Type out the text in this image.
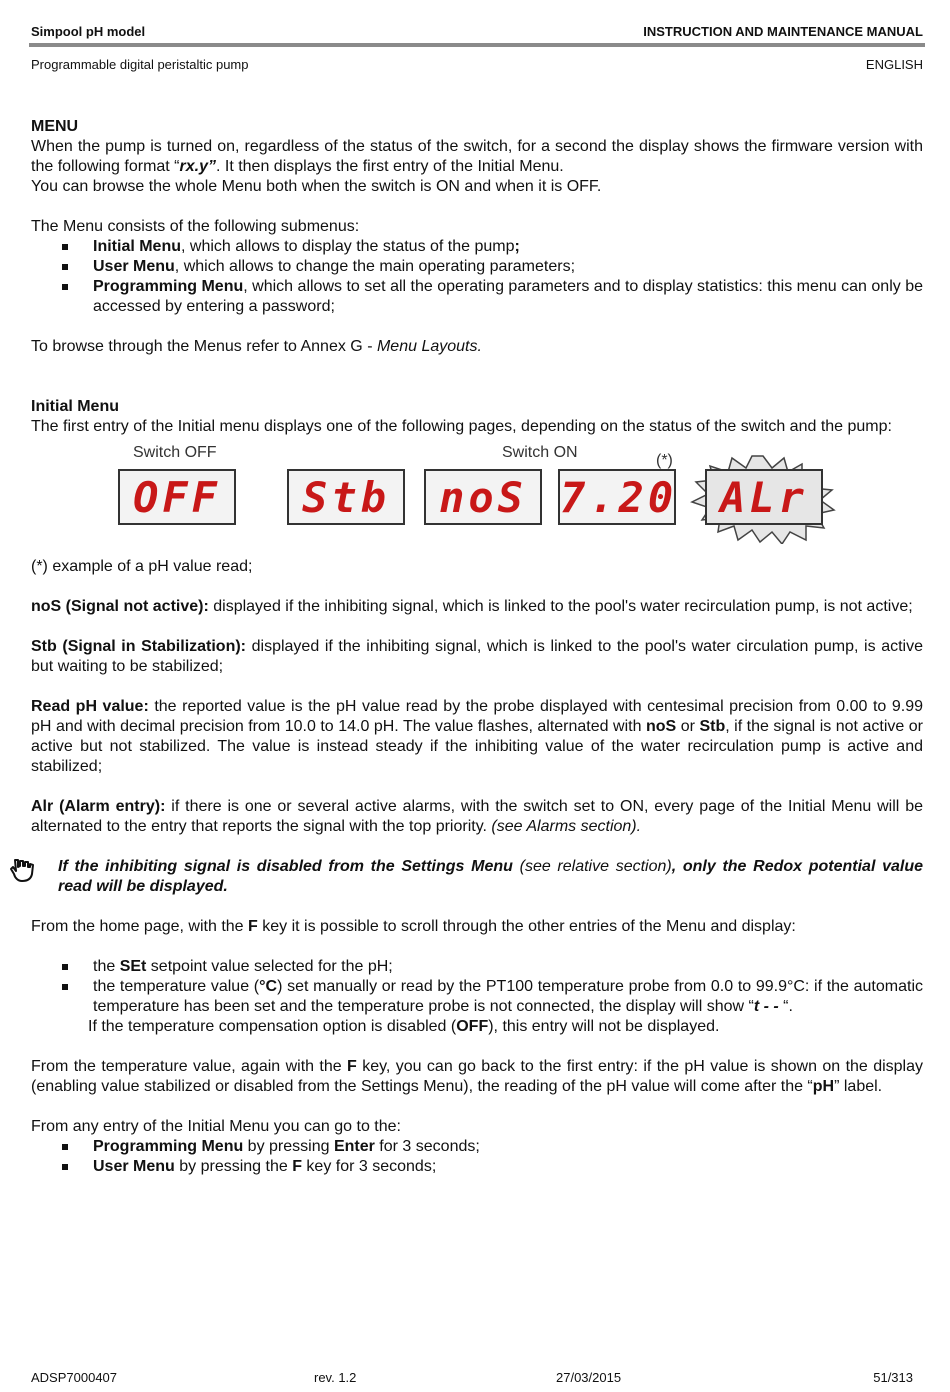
Simpool pH model	INSTRUCTION AND MAINTENANCE MANUAL
Programmable digital peristaltic pump	ENGLISH

MENU

When the pump is turned on, regardless of the status of the switch, for a second the display shows the firmware version with the following format “rx.y”. It then displays the first entry of the Initial Menu.

You can browse the whole Menu both when the switch is ON and when it is OFF.

The Menu consists of the following submenus:

Initial Menu, which allows to display the status of the pump;
User Menu, which allows to change the main operating parameters;
Programming Menu, which allows to set all the operating parameters and to display statistics: this menu can only be accessed by entering a password;

To browse through the Menus refer to Annex G - Menu Layouts.

Initial Menu

The first entry of the Initial menu displays one of the following pages, depending on the status of the switch and the pump:

Switch OFF	Switch ON	(*)
OFF	Stb	noS 7.20	ALr

(*) example of a pH value read;

noS (Signal not active): displayed if the inhibiting signal, which is linked to the pool's water recirculation pump, is not active;

Stb (Signal in Stabilization): displayed if the inhibiting signal, which is linked to the pool's water circulation pump, is active but waiting to be stabilized;

Read pH value: the reported value is the pH value read by the probe displayed with centesimal precision from 0.00 to 9.99 pH and with decimal precision from 10.0 to 14.0 pH. The value flashes, alternated with noS or Stb, if the signal is not active or active but not stabilized. The value is instead steady if the inhibiting value of the water recirculation pump is active and stabilized;

Alr (Alarm entry): if there is one or several active alarms, with the switch set to ON, every page of the Initial Menu will be alternated to the entry that reports the signal with the top priority. (see Alarms section).

If the inhibiting signal is disabled from the Settings Menu (see relative section), only the Redox potential value read will be displayed.

From the home page, with the F key it is possible to scroll through the other entries of the Menu and display:

the SEt setpoint value selected for the pH;
the temperature value (°C) set manually or read by the PT100 temperature probe from 0.0 to 99.9°C: if the automatic temperature has been set and the temperature probe is not connected, the display will show “t - - “.

If the temperature compensation option is disabled (OFF), this entry will not be displayed.

From the temperature value, again with the F key, you can go back to the first entry: if the pH value is shown on the display (enabling value stabilized or disabled from the Settings Menu), the reading of the pH value will come after the “pH” label.

From any entry of the Initial Menu you can go to the:

Programming Menu by pressing Enter for 3 seconds;
User Menu by pressing the F key for 3 seconds;
ADSP7000407	rev. 1.2	27/03/2015	51/313
